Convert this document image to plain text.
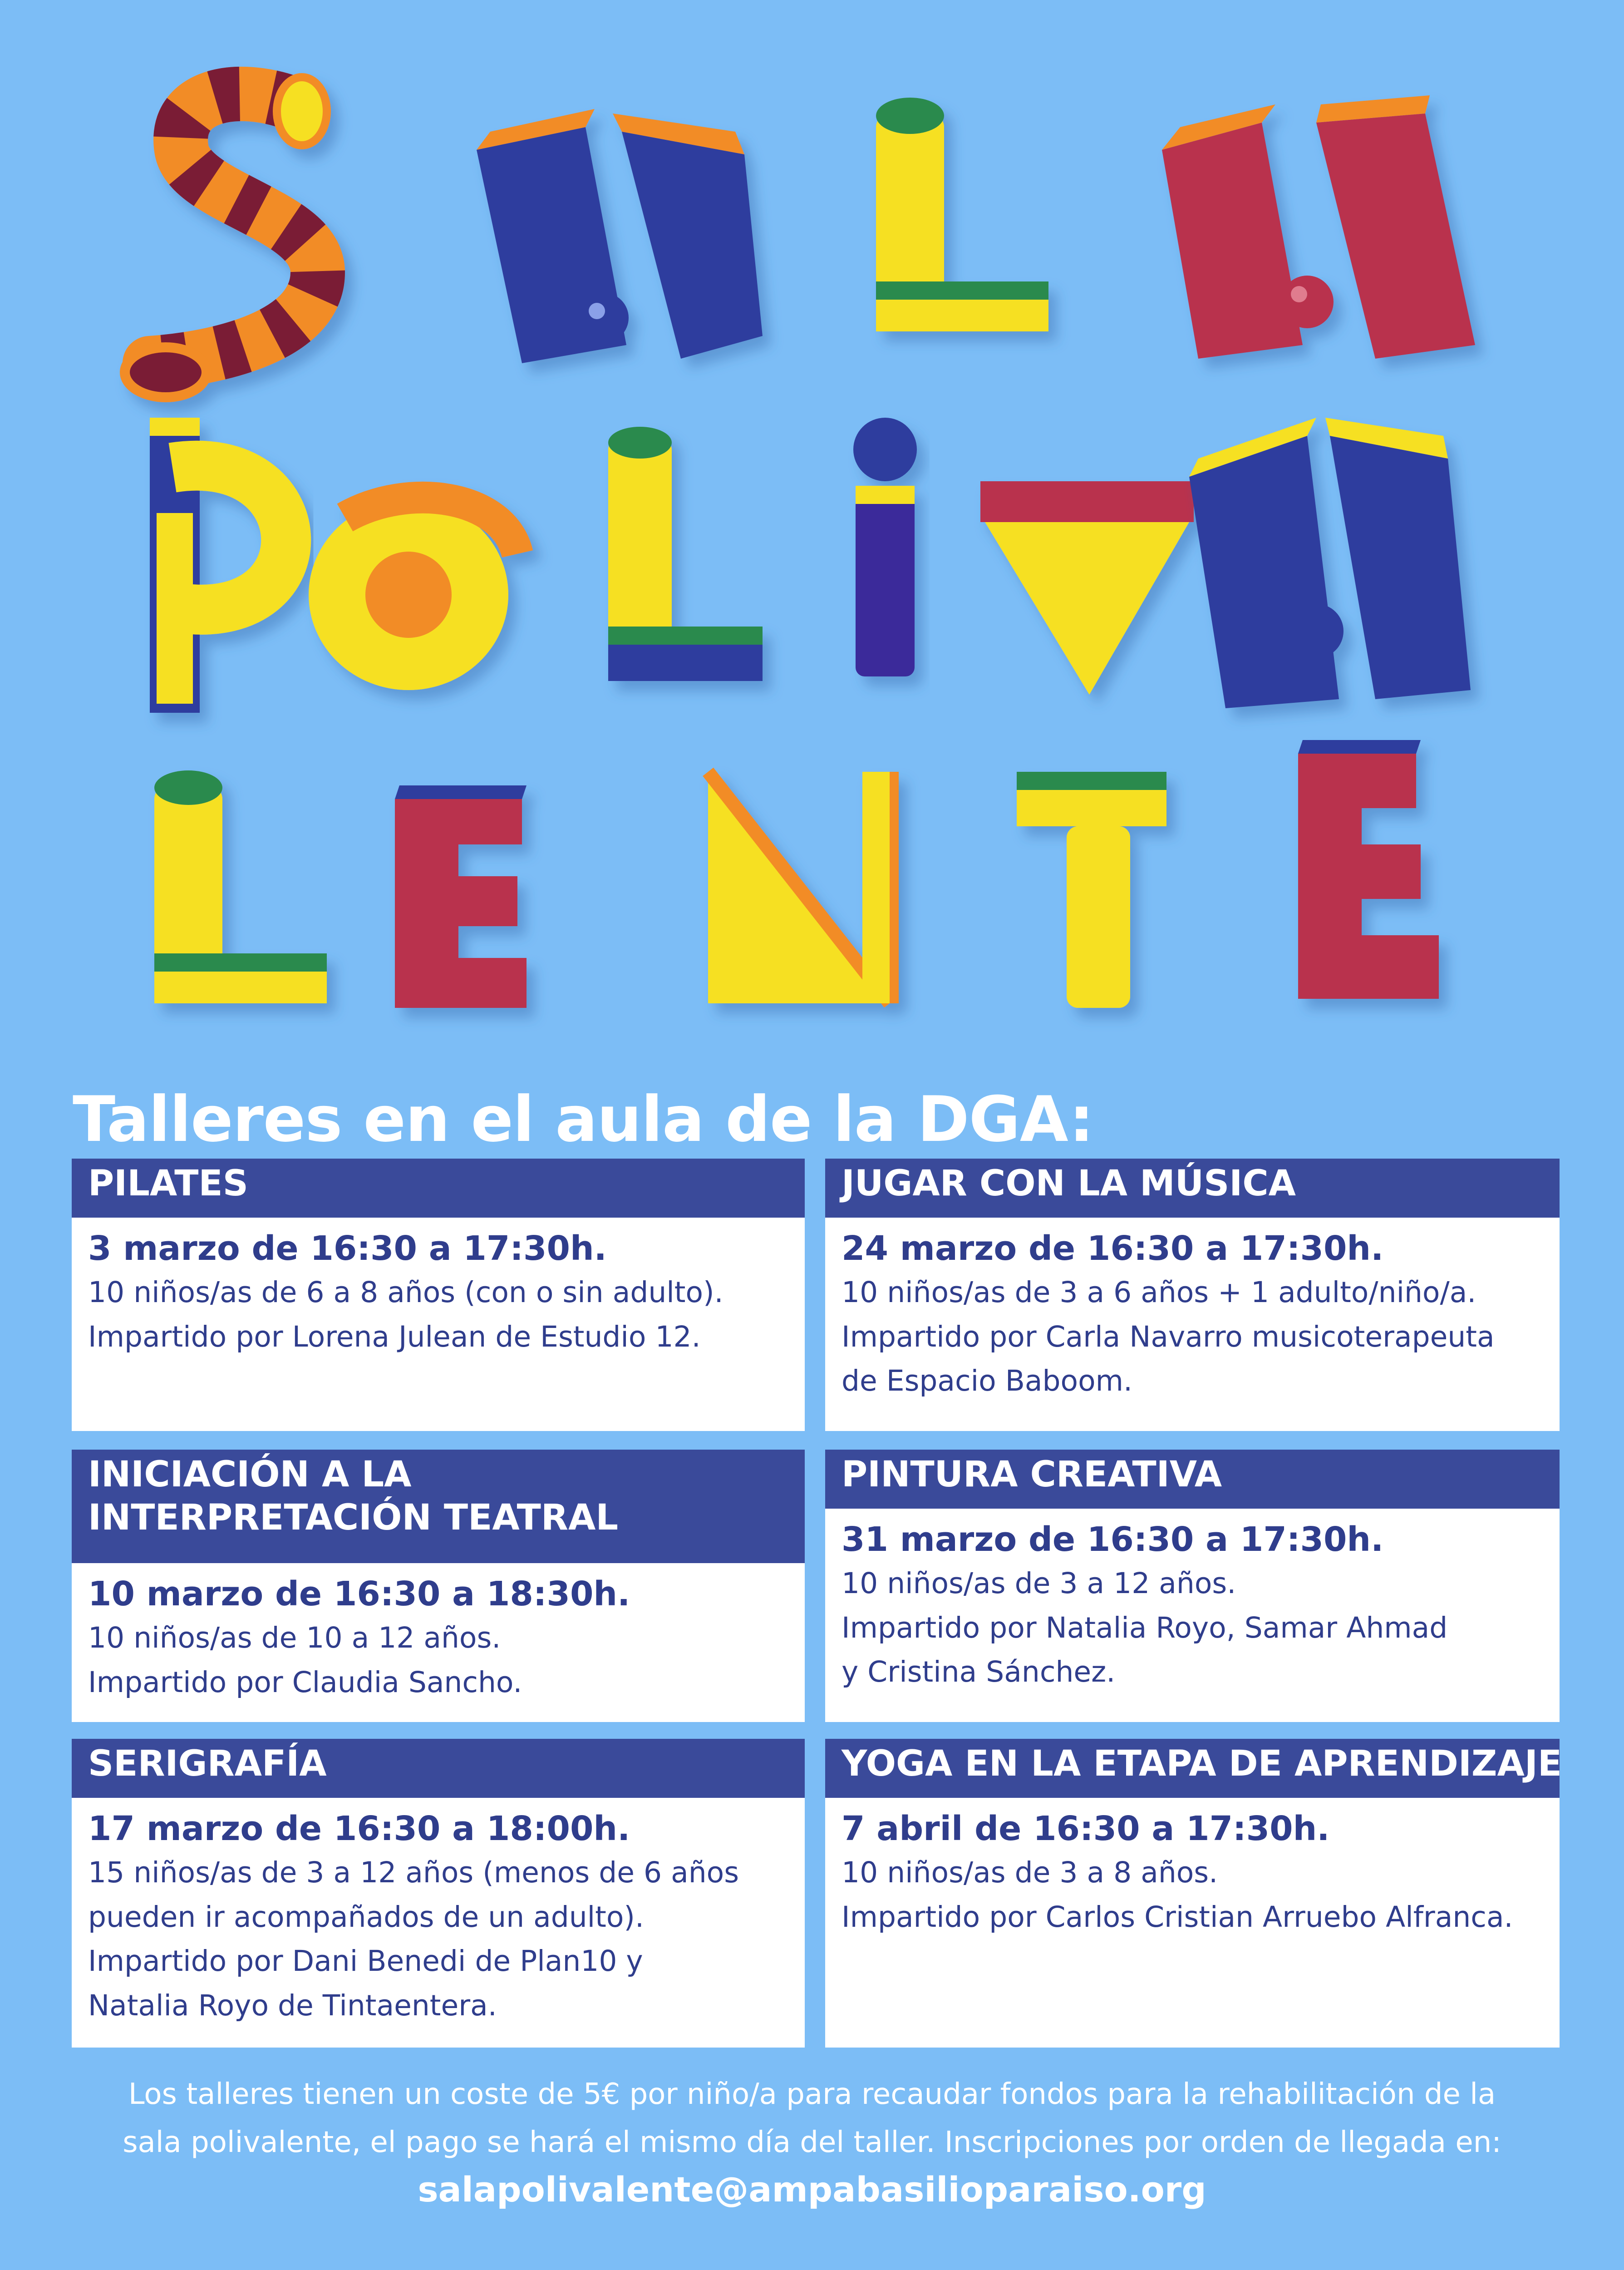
Talleres en el aula de la DGA:
PILATES
3 marzo de 16:30 a 17:30h.
10 niños/as de 6 a 8 años (con o sin adulto).
Impartido por Lorena Julean de Estudio 12.
JUGAR CON LA MÚSICA
24 marzo de 16:30 a 17:30h.
10 niños/as de 3 a 6 años + 1 adulto/niño/a.
Impartido por Carla Navarro musicoterapeuta
de Espacio Baboom.
INICIACIÓN A LA
INTERPRETACIÓN TEATRAL
10 marzo de 16:30 a 18:30h.
10 niños/as de 10 a 12 años.
Impartido por Claudia Sancho.
PINTURA CREATIVA
31 marzo de 16:30 a 17:30h.
10 niños/as de 3 a 12 años.
Impartido por Natalia Royo, Samar Ahmad
y Cristina Sánchez.
SERIGRAFÍA
17 marzo de 16:30 a 18:00h.
15 niños/as de 3 a 12 años (menos de 6 años
pueden ir acompañados de un adulto).
Impartido por Dani Benedi de Plan10 y
Natalia Royo de Tintaentera.
YOGA EN LA ETAPA DE APRENDIZAJE
7 abril de 16:30 a 17:30h.
10 niños/as de 3 a 8 años.
Impartido por Carlos Cristian Arruebo Alfranca.
Los talleres tienen un coste de 5€ por niño/a para recaudar fondos para la rehabilitación de la
sala polivalente, el pago se hará el mismo día del taller. Inscripciones por orden de llegada en:
salapolivalente@ampabasilioparaiso.org
